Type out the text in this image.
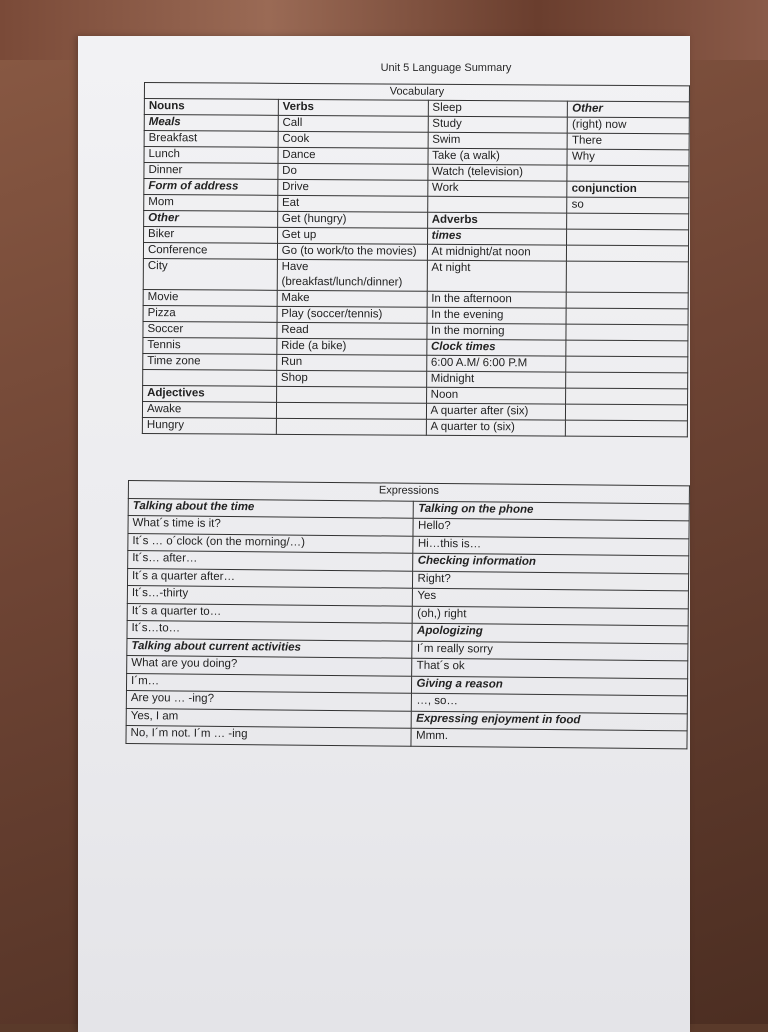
Unit 5 Language Summary
Vocabulary			
Nouns	Verbs	Sleep	Other
Meals	Call	Study	(right) now
Breakfast	Cook	Swim	There
Lunch	Dance	Take (a walk)	Why
Dinner	Do	Watch (television)	
Form of address	Drive	Work	conjunction
Mom	Eat		so
Other	Get (hungry)	Adverbs	
Biker	Get up	times	
Conference	Go (to work/to the movies)	At midnight/at noon	
City	Have (breakfast/lunch/dinner)	At night	
Movie	Make	In the afternoon	
Pizza	Play (soccer/tennis)	In the evening	
Soccer	Read	In the morning	
Tennis	Ride (a bike)	Clock times	
Time zone	Run	6:00 A.M/ 6:00 P.M	
	Shop	Midnight	
Adjectives		Noon	
Awake		A quarter after (six)	
Hungry		A quarter to (six)	
Expressions	
Talking about the time	Talking on the phone
What´s time is it?	Hello?
It´s … o´clock (on the morning/…)	Hi…this is…
It´s… after…	Checking information
It´s a quarter after…	Right?
It´s…-thirty	Yes
It´s a quarter to…	(oh,) right
It´s…to…	Apologizing
Talking about current activities	I´m really sorry
What are you doing?	That´s ok
I´m…	Giving a reason
Are you … -ing?	…, so…
Yes, I am	Expressing enjoyment in food
No, I´m not. I´m … -ing	Mmm.
